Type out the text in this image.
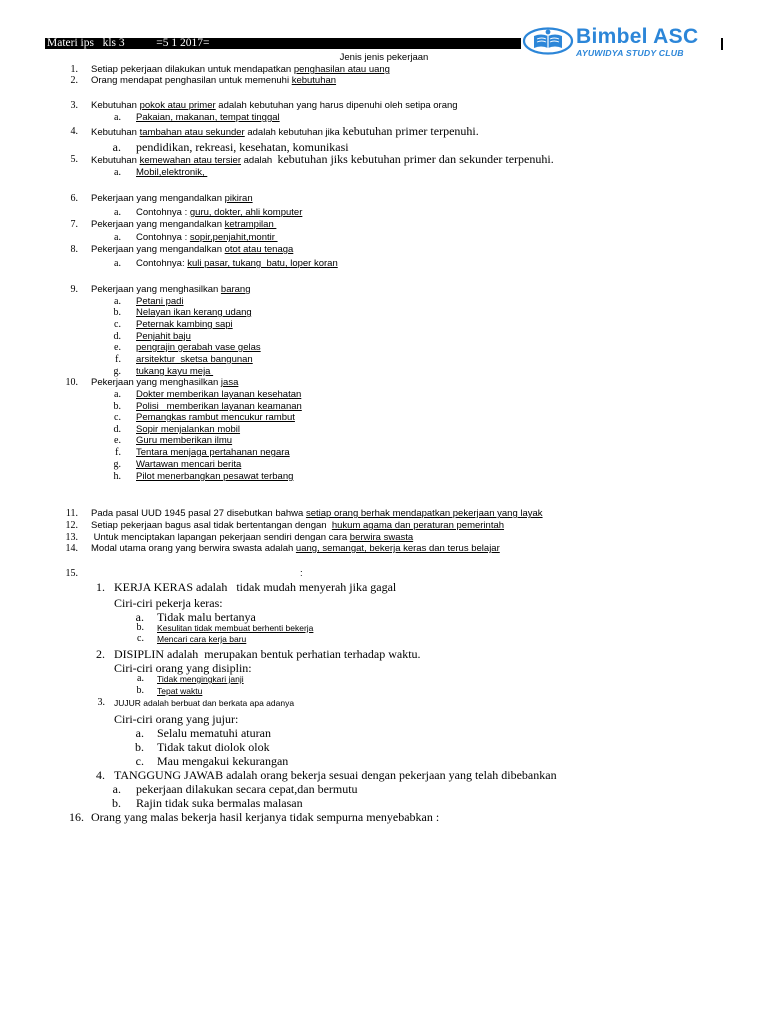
Materi ips   kls 3           =5 1 2017=	Bimbel ASC
AYUWIDYA STUDY CLUB
Jenis jenis pekerjaan
1. Setiap pekerjaan dilakukan untuk mendapatkan penghasilan atau uang
2. Orang mendapat penghasilan untuk memenuhi kebutuhan
3. Kebutuhan pokok atau primer adalah kebutuhan yang harus dipenuhi oleh setipa orang
a. Pakaian, makanan, tempat tinggal
4. Kebutuhan tambahan atau sekunder adalah kebutuhan jika kebutuhan primer terpenuhi.
a. pendidikan, rekreasi, kesehatan, komunikasi
5. Kebutuhan kemewahan atau tersier adalah  kebutuhan jiks kebutuhan primer dan sekunder terpenuhi.
a. Mobil,elektronik,
6. Pekerjaan yang mengandalkan pikiran
a. Contohnya : guru, dokter, ahli komputer
7. Pekerjaan yang mengandalkan ketrampilan
a. Contohnya : sopir,penjahit,montir
8. Pekerjaan yang mengandalkan otot atau tenaga
a. Contohnya: kuli pasar, tukang  batu, loper koran
9. Pekerjaan yang menghasilkan barang
a. Petani padi
b. Nelayan ikan kerang udang
c. Peternak kambing sapi
d. Penjahit baju
e. pengrajin gerabah vase gelas
f. arsitektur  sketsa bangunan
g. tukang kayu meja
10. Pekerjaan yang menghasilkan jasa
a. Dokter memberikan layanan kesehatan
b. Polisi   memberikan layanan keamanan
c. Pemangkas rambut mencukur rambut
d. Sopir menjalankan mobil
e. Guru memberikan ilmu
f. Tentara menjaga pertahanan negara
g. Wartawan mencari berita
h. Pilot menerbangkan pesawat terbang
11. Pada pasal UUD 1945 pasal 27 disebutkan bahwa setiap orang berhak mendapatkan pekerjaan yang layak
12. Setiap pekerjaan bagus asal tidak bertentangan dengan  hukum agama dan peraturan pemerintah
13. Untuk menciptakan lapangan pekerjaan sendiri dengan cara berwira swasta
14. Modal utama orang yang berwira swasta adalah uang, semangat, bekerja keras dan terus belajar
15.	:
1. KERJA KERAS adalah   tidak mudah menyerah jika gagal
Ciri-ciri pekerja keras:
a. Tidak malu bertanya
b. Kesulitan tidak membuat berhenti bekerja
c. Mencari cara kerja baru
2. DISIPLIN adalah  merupakan bentuk perhatian terhadap waktu.
Ciri-ciri orang yang disiplin:
a. Tidak mengingkari janji
b. Tepat waktu
3. JUJUR adalah berbuat dan berkata apa adanya
Ciri-ciri orang yang jujur:
a. Selalu mematuhi aturan
b. Tidak takut diolok olok
c. Mau mengakui kekurangan
4. TANGGUNG JAWAB adalah orang bekerja sesuai dengan pekerjaan yang telah dibebankan
a. pekerjaan dilakukan secara cepat,dan bermutu
b. Rajin tidak suka bermalas malasan
16. Orang yang malas bekerja hasil kerjanya tidak sempurna menyebabkan :
